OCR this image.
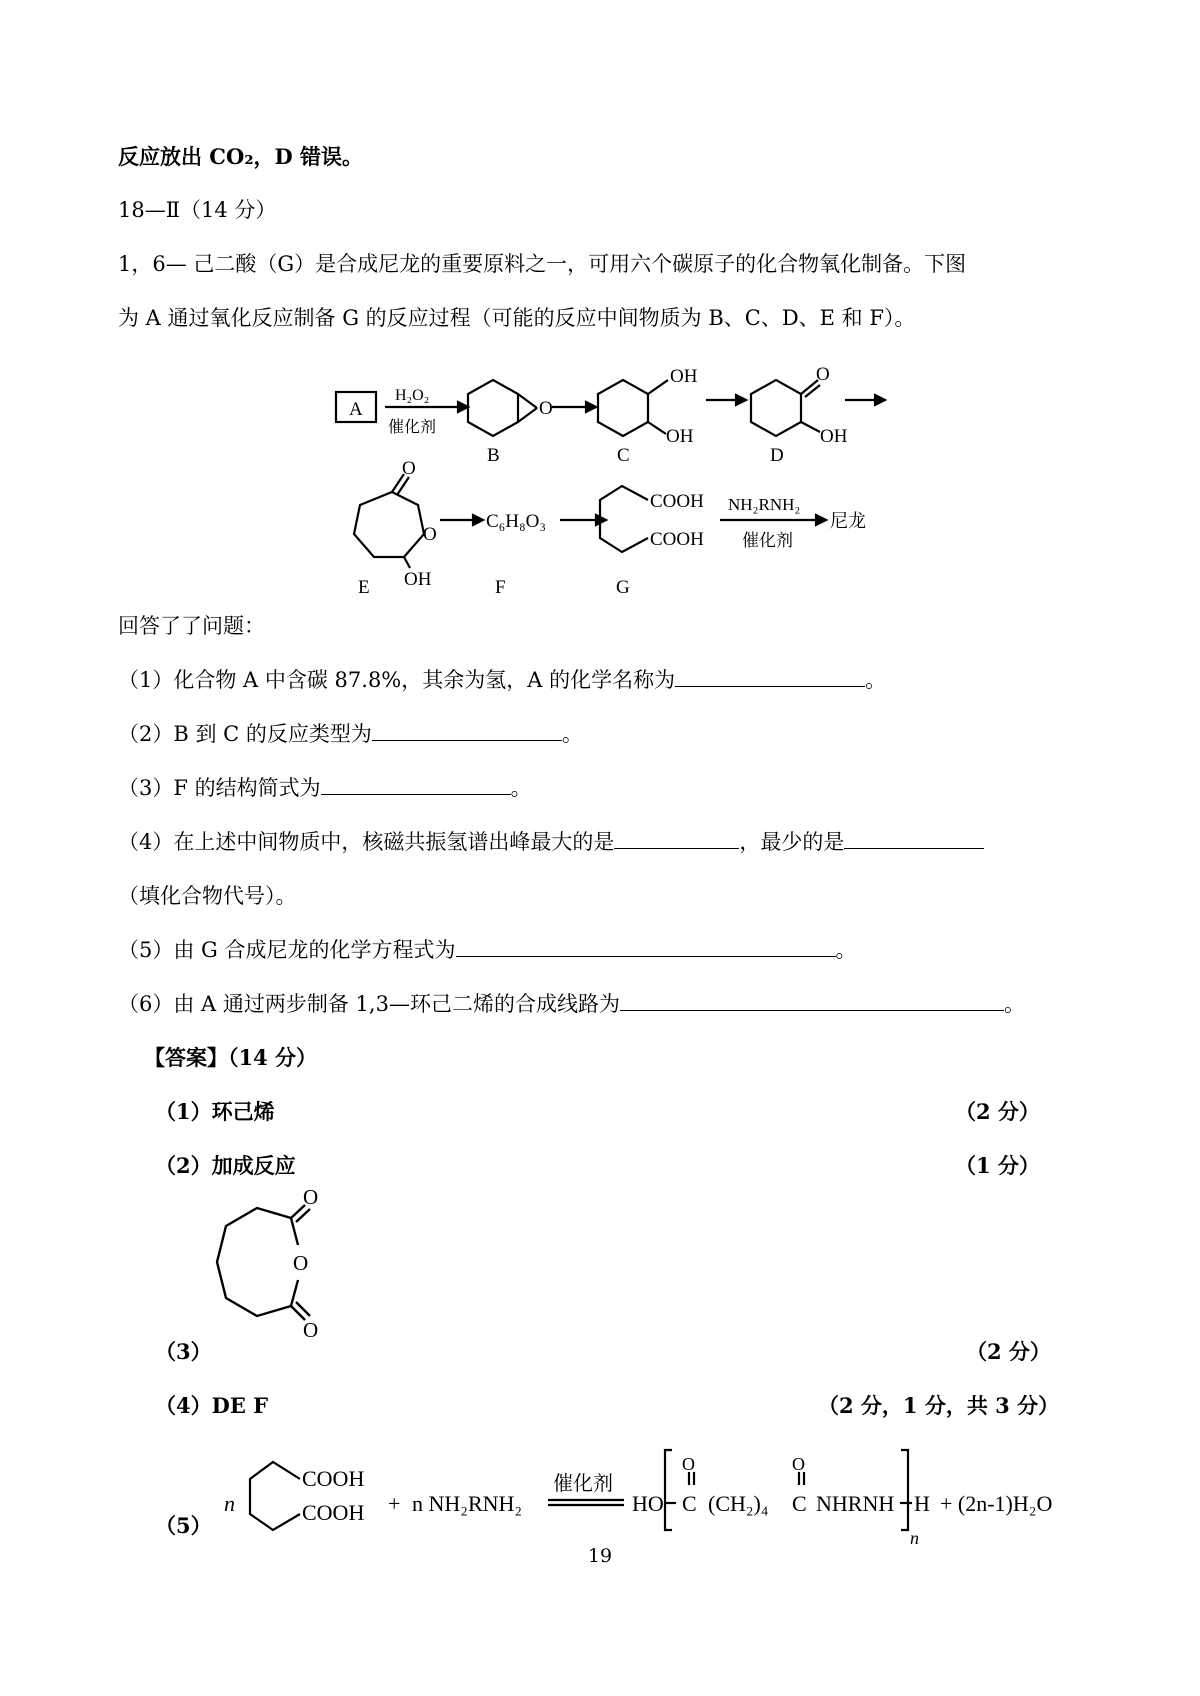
反应放出 CO₂，D 错误。
18—Ⅱ（14 分）
1，6— 己二酸（G）是合成尼龙的重要原料之一，可用六个碳原子的化合物氧化制备。下图
为 A 通过氧化反应制备 G 的反应过程（可能的反应中间物质为 B、C、D、E 和 F）。
A
H₂O₂
催化剂
O
OH
OH
O
OH
B	C	D
O
O
OH
E
C₆H₈O₃
F
COOH
COOH
G
NH₂RNH₂
催化剂
尼龙
回答了了问题：
（1）化合物 A 中含碳 87.8%，其余为氢，A 的化学名称为	。
（2）B 到 C 的反应类型为	。
（3）F 的结构简式为	。
（4）在上述中间物质中，核磁共振氢谱出峰最大的是	，最少的是
（填化合物代号）。
（5）由 G 合成尼龙的化学方程式为	。
（6）由 A 通过两步制备 1,3—环己二烯的合成线路为	。
【答案】（14 分）
（1）环己烯	（2 分）
（2）加成反应	（1 分）
O
O
O
（3）	（2 分）
（4）DE F	（2 分，1 分，共 3 分）
n
COOH
COOH + n NH₂RNH₂
催化剂
HO
O
C (CH₂)₄
O
C NHRNH H
n
+ (2n-1)H₂O
（5）
19
